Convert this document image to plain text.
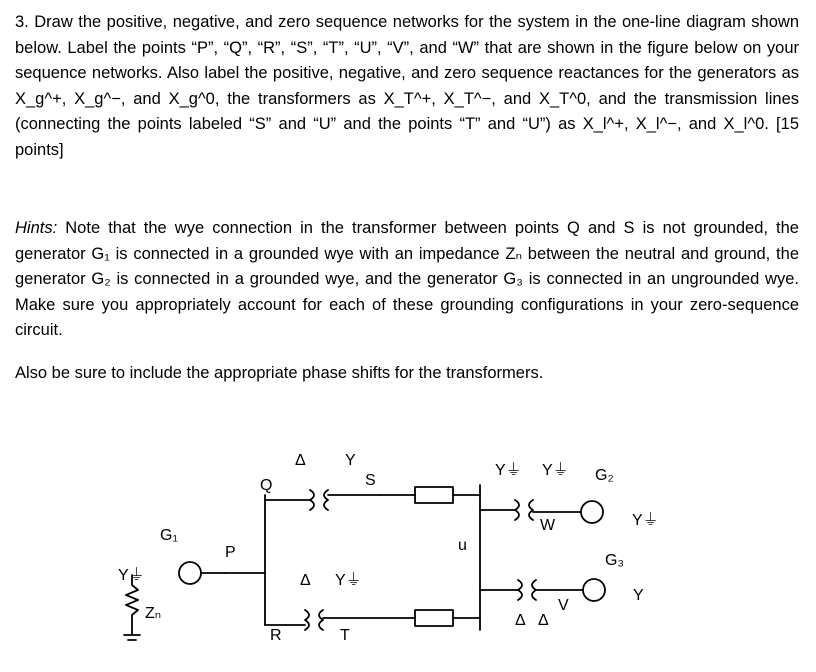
3. Draw the positive, negative, and zero sequence networks for the system in the one-line diagram shown below. Label the points “P”, “Q”, “R”, “S”, “T”, “U”, “V”, and “W” that are shown in the figure below on your sequence networks. Also label the positive, negative, and zero sequence reactances for the generators as X_g^+, X_g^−, and X_g^0, the transformers as X_T^+, X_T^−, and X_T^0, and the transmission lines (connecting the points labeled “S” and “U” and the points “T” and “U”) as X_l^+, X_l^−, and X_l^0. [15 points]
Hints: Note that the wye connection in the transformer between points Q and S is not grounded, the generator G₁ is connected in a grounded wye with an impedance Zₙ between the neutral and ground, the generator G₂ is connected in a grounded wye, and the generator G₃ is connected in an ungrounded wye. Make sure you appropriately account for each of these grounding configurations in your zero-sequence circuit.
Also be sure to include the appropriate phase shifts for the transformers.
G₁
P
Zₙ
Y⏚
Q
Δ Y
S
R
Δ Y⏚
T
u
Y⏚ Y⏚
W
G₂
Y⏚
V
G₃
Y
Δ Δ
